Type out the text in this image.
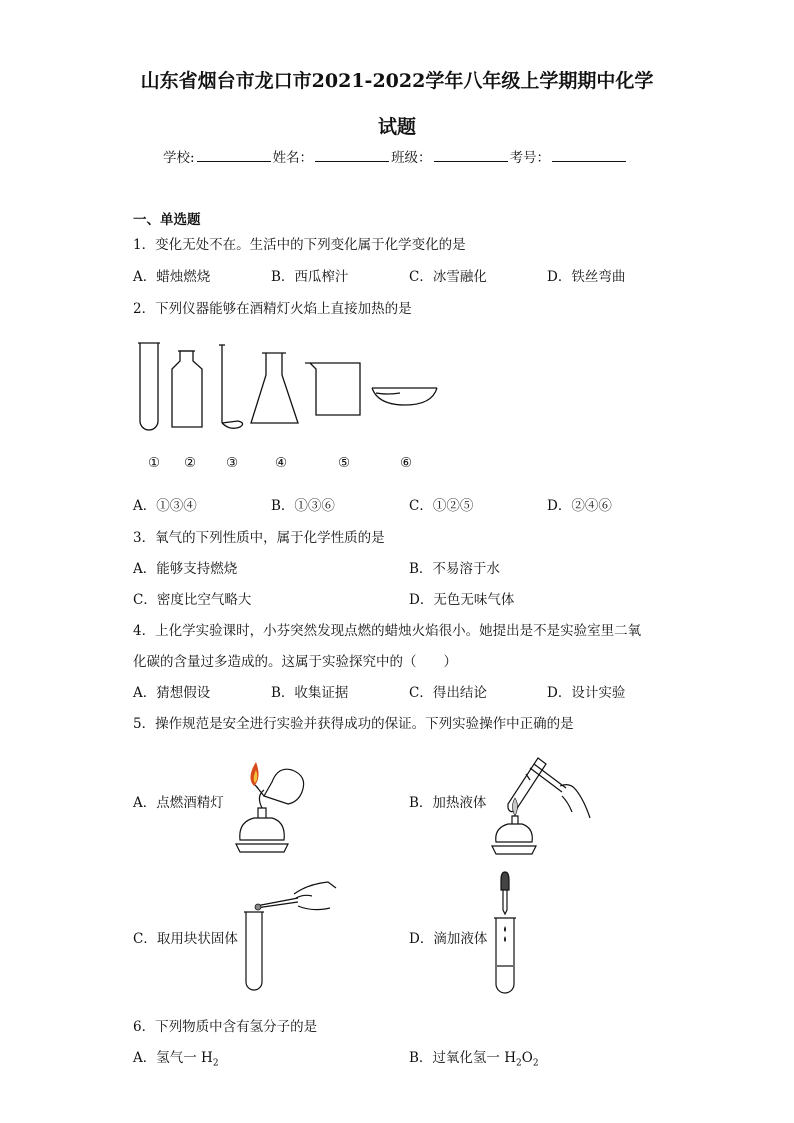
山东省烟台市龙口市2021-2022学年八年级上学期期中化学
试题
学校:	姓名：	班级：	考号：
一、单选题
1．变化无处不在。生活中的下列变化属于化学变化的是
A．蜡烛燃烧	B．西瓜榨汁	C．冰雪融化	D．铁丝弯曲
2．下列仪器能够在酒精灯火焰上直接加热的是
① ② ③	④	⑤	⑥
A．①③④	B．①③⑥	C．①②⑤	D．②④⑥
3．氧气的下列性质中，属于化学性质的是
A．能够支持燃烧	B．不易溶于水
C．密度比空气略大	D．无色无味气体
4．上化学实验课时，小芬突然发现点燃的蜡烛火焰很小。她提出是不是实验室里二氧
化碳的含量过多造成的。这属于实验探究中的（　　）
A．猜想假设	B．收集证据	C．得出结论	D．设计实验
5．操作规范是安全进行实验并获得成功的保证。下列实验操作中正确的是
A．点燃酒精灯	B．加热液体
C．取用块状固体	D．滴加液体
6．下列物质中含有氢分子的是
A．氢气一 $H_2$	B．过氧化氢一 $H_2O_2$
